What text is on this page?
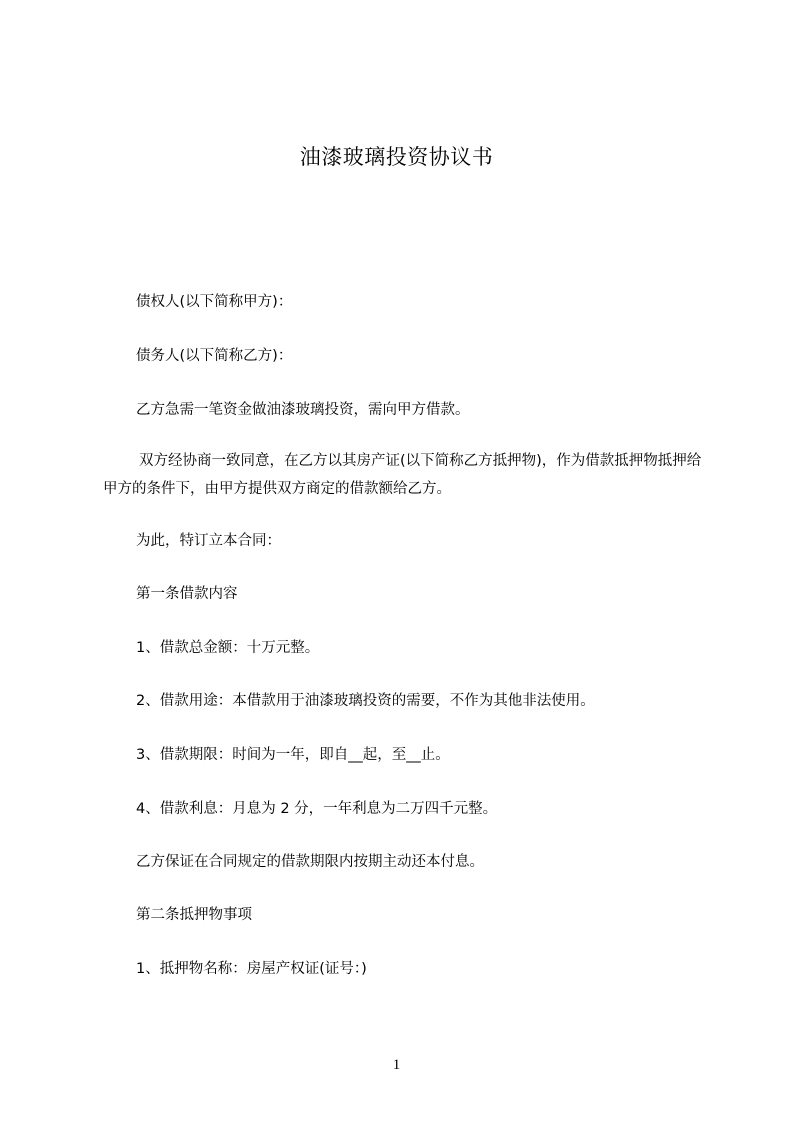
油漆玻璃投资协议书
债权人(以下简称甲方)：
债务人(以下简称乙方)：
乙方急需一笔资金做油漆玻璃投资，需向甲方借款。
双方经协商一致同意，在乙方以其房产证(以下简称乙方抵押物)，作为借款抵押物抵押给甲方的条件下，由甲方提供双方商定的借款额给乙方。
为此，特订立本合同：
第一条借款内容
1、借款总金额：十万元整。
2、借款用途：本借款用于油漆玻璃投资的需要，不作为其他非法使用。
3、借款期限：时间为一年，即自__起，至__止。
4、借款利息：月息为 2 分，一年利息为二万四千元整。
乙方保证在合同规定的借款期限内按期主动还本付息。
第二条抵押物事项
1、抵押物名称：房屋产权证(证号：)
1
